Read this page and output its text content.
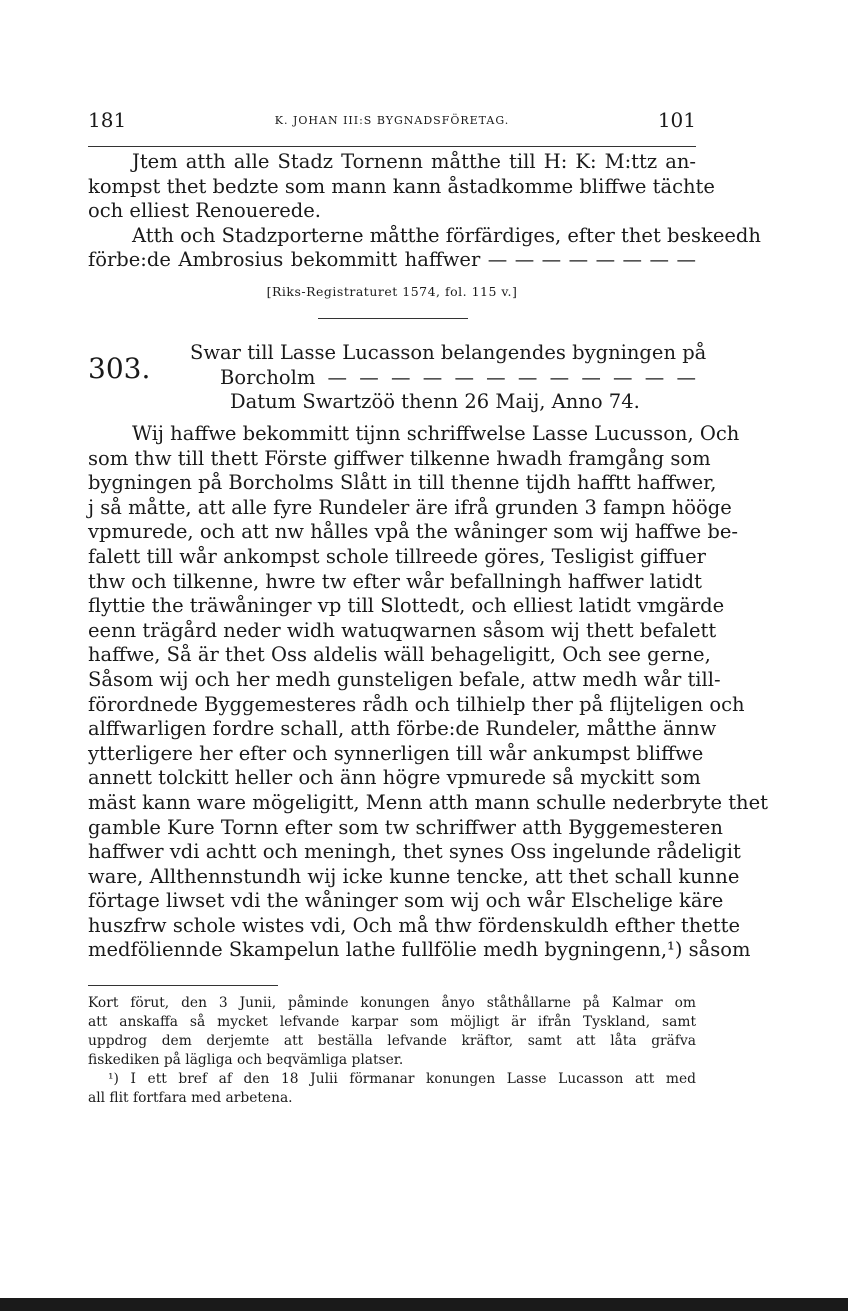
181	K. JOHAN III:S BYGNADSFÖRETAG.	101
Jtem atth alle Stadz Tornenn måtthe till H: K: M:ttz an-
kompst thet bedzte som mann kann åstadkomme bliffwe tächte
och elliest Renouerede.
Atth och Stadzporterne måtthe förfärdiges, efter thet beskeedh
förbe:de Ambrosius bekommitt haffwer — — — — — — — —
[Riks-Registraturet 1574, fol. 115 v.]
303. Swar till Lasse Lucasson belangendes bygningen på
Borcholm — — — — — — — — — — — —
Datum Swartzöö thenn 26 Maij, Anno 74.
Wij haffwe bekommitt tijnn schriffwelse Lasse Lucusson, Och
som thw till thett Förste giffwer tilkenne hwadh framgång som
bygningen på Borcholms Slått in till thenne tijdh hafftt haffwer,
j så måtte, att alle fyre Rundeler äre ifrå grunden 3 fampn hööge
vpmurede, och att nw hålles vpå the wåninger som wij haffwe be-
falett till wår ankompst schole tillreede göres, Tesligist giffuer
thw och tilkenne, hwre tw efter wår befallningh haffwer latidt
flyttie the träwåninger vp till Slottedt, och elliest latidt vmgärde
eenn trägård neder widh watuqwarnen såsom wij thett befalett
haffwe, Så är thet Oss aldelis wäll behageligitt, Och see gerne,
Såsom wij och her medh gunsteligen befale, attw medh wår till-
förordnede Byggemesteres rådh och tilhielp ther på flijteligen och
alffwarligen fordre schall, atth förbe:de Rundeler, måtthe ännw
ytterligere her efter och synnerligen till wår ankumpst bliffwe
annett tolckitt heller och änn högre vpmurede så myckitt som
mäst kann ware mögeligitt, Menn atth mann schulle nederbryte thet
gamble Kure Tornn efter som tw schriffwer atth Byggemesteren
haffwer vdi achtt och meningh, thet synes Oss ingelunde rådeligit
ware, Allthennstundh wij icke kunne tencke, att thet schall kunne
förtage liwset vdi the wåninger som wij och wår Elschelige käre
huszfrw schole wistes vdi, Och må thw fördenskuldh efther thette
medföliennde Skampelun lathe fullfölie medh bygningenn,¹) såsom
Kort förut, den 3 Junii, påminde konungen ånyo ståthållarne på Kalmar om
att anskaffa så mycket lefvande karpar som möjligt är ifrån Tyskland, samt
uppdrog dem derjemte att beställa lefvande kräftor, samt att låta gräfva
fiskediken på lägliga och beqvämliga platser.
¹) I ett bref af den 18 Julii förmanar konungen Lasse Lucasson att med
all flit fortfara med arbetena.
